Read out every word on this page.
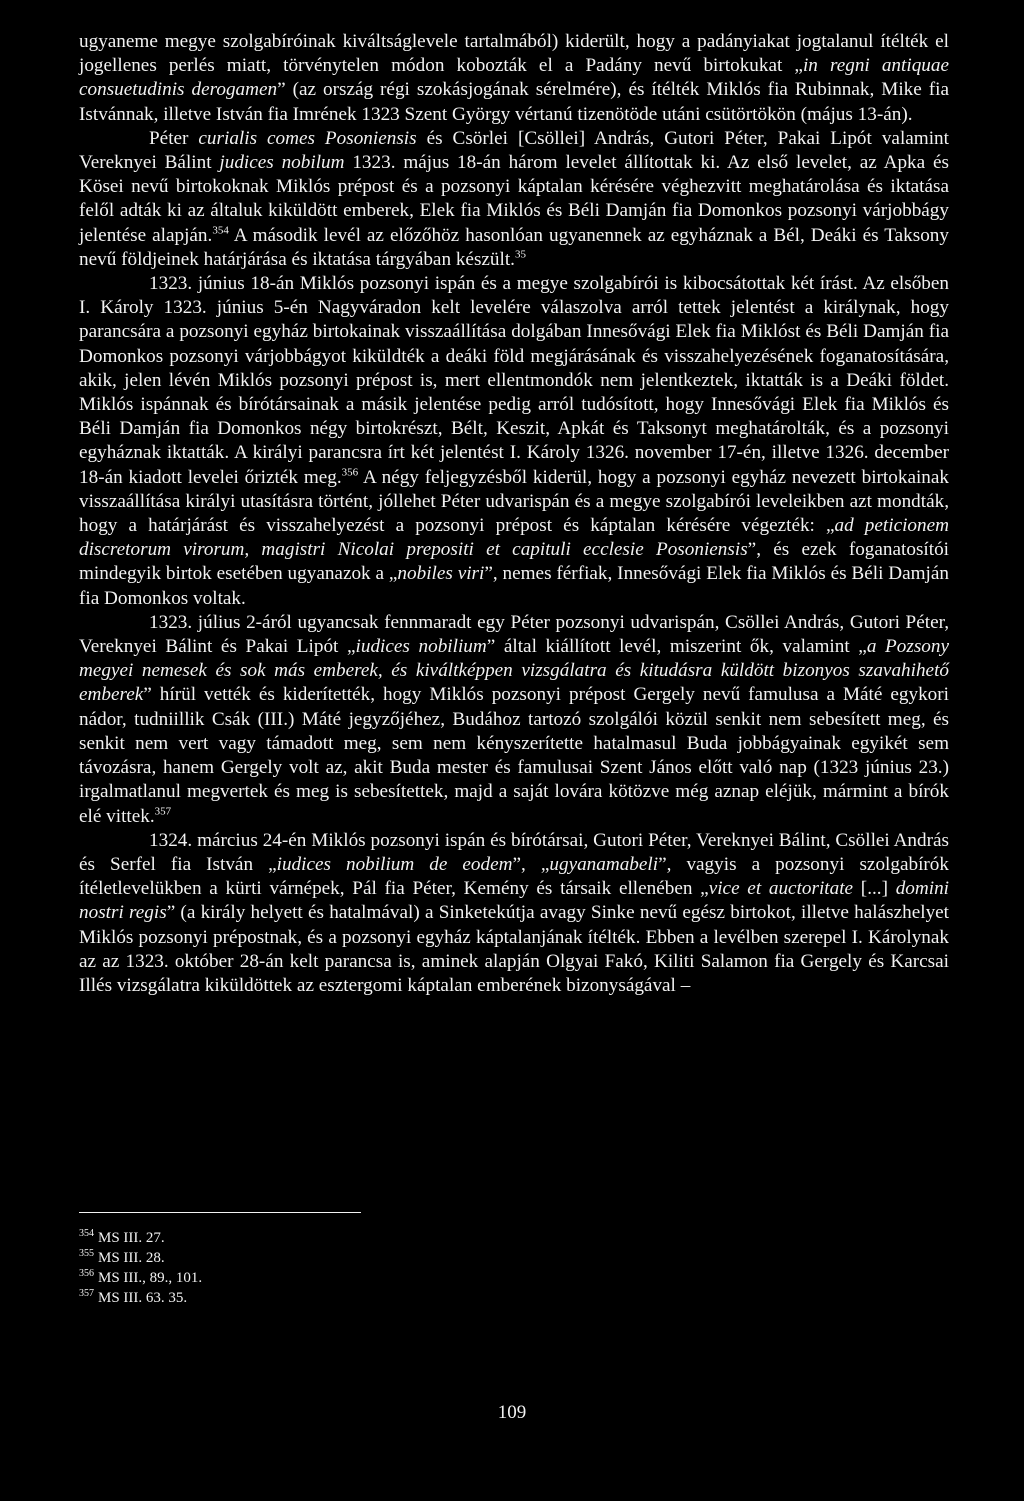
ugyaneme megye szolgabíróinak kiváltságlevele tartalmából) kiderült, hogy a padányiakat jogtalanul ítélték el jogellenes perlés miatt, törvénytelen módon kobozták el a Padány nevű birtokukat „in regni antiquae consuetudinis derogamen” (az ország régi szokásjogának sérelmére), és ítélték Miklós fia Rubinnak, Mike fia Istvánnak, illetve István fia Imrének 1323 Szent György vértanú tizenötöde utáni csütörtökön (május 13-án).

Péter curialis comes Posoniensis és Csörlei [Csöllei] András, Gutori Péter, Pakai Lipót valamint Vereknyei Bálint judices nobilum 1323. május 18-án három levelet állítottak ki. Az első levelet, az Apka és Kösei nevű birtokoknak Miklós prépost és a pozsonyi káptalan kérésére véghezvitt meghatárolása és iktatása felől adták ki az általuk kiküldött emberek, Elek fia Miklós és Béli Damján fia Domonkos pozsonyi várjobbágy jelentése alapján.$^{354}$ A második levél az előzőhöz hasonlóan ugyanennek az egyháznak a Bél, Deáki és Taksony nevű földjeinek határjárása és iktatása tárgyában készült.$^{35}$

1323. június 18-án Miklós pozsonyi ispán és a megye szolgabírói is kibocsátottak két írást. Az elsőben I. Károly 1323. június 5-én Nagyváradon kelt levelére válaszolva arról tettek jelentést a királynak, hogy parancsára a pozsonyi egyház birtokainak visszaállítása dolgában Innesővági Elek fia Miklóst és Béli Damján fia Domonkos pozsonyi várjobbágyot kiküldték a deáki föld megjárásának és visszahelyezésének foganatosítására, akik, jelen lévén Miklós pozsonyi prépost is, mert ellentmondók nem jelentkeztek, iktatták is a Deáki földet. Miklós ispánnak és bírótársainak a másik jelentése pedig arról tudósított, hogy Innesővági Elek fia Miklós és Béli Damján fia Domonkos négy birtokrészt, Bélt, Keszit, Apkát és Taksonyt meghatárolták, és a pozsonyi egyháznak iktatták. A királyi parancsra írt két jelentést I. Károly 1326. november 17-én, illetve 1326. december 18-án kiadott levelei őrizték meg.$^{356}$ A négy feljegyzésből kiderül, hogy a pozsonyi egyház nevezett birtokainak visszaállítása királyi utasításra történt, jóllehet Péter udvarispán és a megye szolgabírói leveleikben azt mondták, hogy a határjárást és visszahelyezést a pozsonyi prépost és káptalan kérésére végezték: „ad peticionem discretorum virorum, magistri Nicolai prepositi et capituli ecclesie Posoniensis”, és ezek foganatosítói mindegyik birtok esetében ugyanazok a „nobiles viri”, nemes férfiak, Innesővági Elek fia Miklós és Béli Damján fia Domonkos voltak.

1323. július 2-áról ugyancsak fennmaradt egy Péter pozsonyi udvarispán, Csöllei András, Gutori Péter, Vereknyei Bálint és Pakai Lipót „iudices nobilium” által kiállított levél, miszerint ők, valamint „a Pozsony megyei nemesek és sok más emberek, és kiváltképpen vizsgálatra és kitudásra küldött bizonyos szavahihető emberek” hírül vették és kiderítették, hogy Miklós pozsonyi prépost Gergely nevű famulusa a Máté egykori nádor, tudniillik Csák (III.) Máté jegyzőjéhez, Budához tartozó szolgálói közül senkit nem sebesített meg, és senkit nem vert vagy támadott meg, sem nem kényszerítette hatalmasul Buda jobbágyainak egyikét sem távozásra, hanem Gergely volt az, akit Buda mester és famulusai Szent János előtt való nap (1323 június 23.) irgalmatlanul megvertek és meg is sebesítettek, majd a saját lovára kötözve még aznap eléjük, mármint a bírók elé vittek.$^{357}$

1324. március 24-én Miklós pozsonyi ispán és bírótársai, Gutori Péter, Vereknyei Bálint, Csöllei András és Serfel fia István „iudices nobilium de eodem”, „ugyanamabeli”, vagyis a pozsonyi szolgabírók ítéletlevelükben a kürti várnépek, Pál fia Péter, Kemény és társaik ellenében „vice et auctoritate [...] domini nostri regis” (a király helyett és hatalmával) a Sinketekútja avagy Sinke nevű egész birtokot, illetve halászhelyet Miklós pozsonyi prépostnak, és a pozsonyi egyház káptalanjának ítélték. Ebben a levélben szerepel I. Károlynak az az 1323. október 28-án kelt parancsa is, aminek alapján Olgyai Fakó, Kiliti Salamon fia Gergely és Karcsai Illés vizsgálatra kiküldöttek az esztergomi káptalan emberének bizonyságával –

$^{354}$ MS III. 27.
$^{355}$ MS III. 28.
$^{356}$ MS III., 89., 101.
$^{357}$ MS III. 63. 35.
109
